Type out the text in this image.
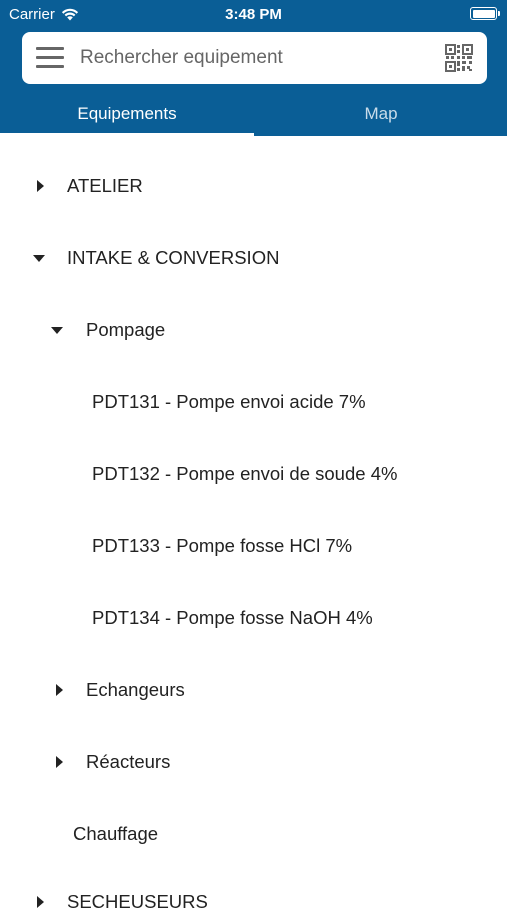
Carrier	3:48 PM
Rechercher equipement
Equipements	Map
ATELIER
INTAKE & CONVERSION
Pompage
PDT131 - Pompe envoi acide 7%
PDT132 - Pompe envoi de soude 4%
PDT133 - Pompe fosse HCl 7%
PDT134 - Pompe fosse NaOH 4%
Echangeurs
Réacteurs
Chauffage
SECHEUSEURS
